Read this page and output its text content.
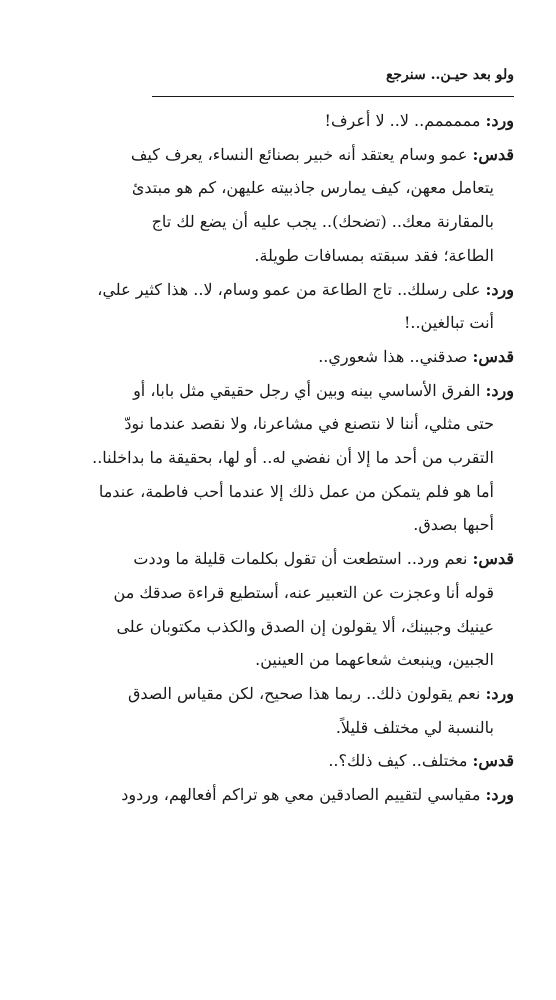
ولو بعد حيـن.. سنرجع

ورد: مممممم.. لا.. لا أعرف!

قدس: عمو وسام يعتقد أنه خبير بصنائع النساء، يعرف كيف
يتعامل معهن، كيف يمارس جاذبيته عليهن، كم هو مبتدئ
بالمقارنة معك.. (تضحك).. يجب عليه أن يضع لك تاج
الطاعة؛ فقد سبقته بمسافات طويلة.

ورد: على رسلك.. تاج الطاعة من عمو وسام، لا.. هذا كثير علي،
أنت تبالغين..!

قدس: صدقني.. هذا شعوري..

ورد: الفرق الأساسي بينه وبين أي رجل حقيقي مثل بابا، أو
حتى مثلي، أننا لا نتصنع في مشاعرنا، ولا نقصد عندما نودّ
التقرب من أحد ما إلا أن نفضي له.. أو لها، بحقيقة ما بداخلنا..
أما هو فلم يتمكن من عمل ذلك إلا عندما أحب فاطمة، عندما
أحبها بصدق.

قدس: نعم ورد.. استطعت أن تقول بكلمات قليلة ما وددت
قوله أنا وعجزت عن التعبير عنه، أستطيع قراءة صدقك من
عينيك وجبينك، ألا يقولون إن الصدق والكذب مكتوبان على
الجبين، وينبعث شعاعهما من العينين.

ورد: نعم يقولون ذلك.. ربما هذا صحيح، لكن مقياس الصدق
بالنسبة لي مختلف قليلاً.

قدس: مختلف.. كيف ذلك؟..

ورد: مقياسي لتقييم الصادقين معي هو تراكم أفعالهم، وردود
